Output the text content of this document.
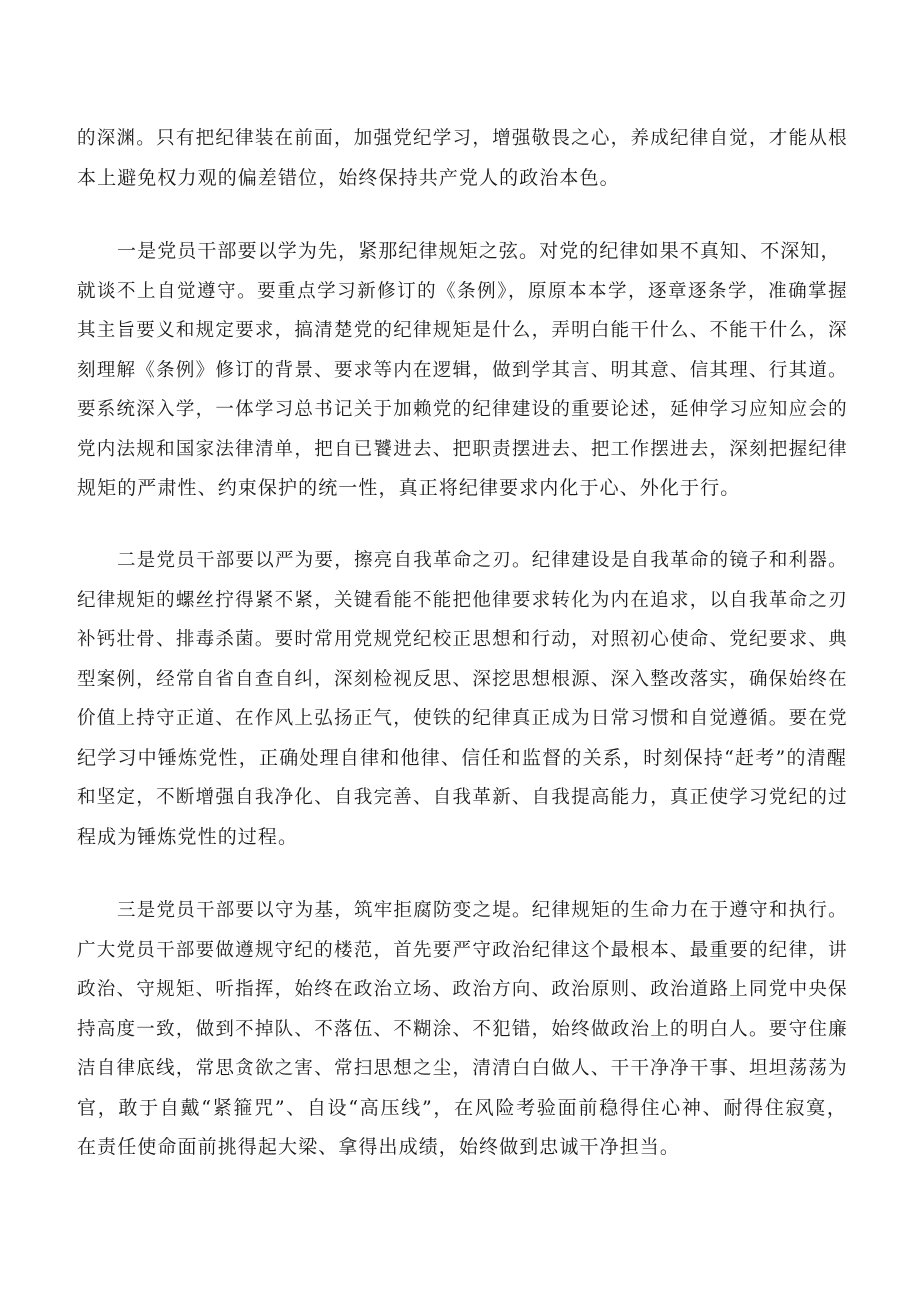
的深渊。只有把纪律装在前面，加强党纪学习，增强敬畏之心，养成纪律自觉，才能从根
本上避免权力观的偏差错位，始终保持共产党人的政治本色。
一是党员干部要以学为先，紧那纪律规矩之弦。对党的纪律如果不真知、不深知，
就谈不上自觉遵守。要重点学习新修订的《条例》，原原本本学，逐章逐条学，准确掌握
其主旨要义和规定要求，搞清楚党的纪律规矩是什么，弄明白能干什么、不能干什么，深
刻理解《条例》修订的背景、要求等内在逻辑，做到学其言、明其意、信其理、行其道。
要系统深入学，一体学习总书记关于加赖党的纪律建设的重要论述，延伸学习应知应会的
党内法规和国家法律清单，把自已饕进去、把职责摆进去、把工作摆进去，深刻把握纪律
规矩的严肃性、约束保护的统一性，真正将纪律要求内化于心、外化于行。
二是党员干部要以严为要，擦亮自我革命之刃。纪律建设是自我革命的镜子和利器。
纪律规矩的螺丝拧得紧不紧，关键看能不能把他律要求转化为内在追求，以自我革命之刃
补钙壮骨、排毒杀菌。要时常用党规党纪校正思想和行动，对照初心使命、党纪要求、典
型案例，经常自省自查自纠，深刻检视反思、深挖思想根源、深入整改落实，确保始终在
价值上持守正道、在作风上弘扬正气，使铁的纪律真正成为日常习惯和自觉遵循。要在党
纪学习中锤炼党性，正确处理自律和他律、信任和监督的关系，时刻保持“赶考”的清醒
和坚定，不断增强自我净化、自我完善、自我革新、自我提高能力，真正使学习党纪的过
程成为锤炼党性的过程。
三是党员干部要以守为基，筑牢拒腐防变之堤。纪律规矩的生命力在于遵守和执行。
广大党员干部要做遵规守纪的楼范，首先要严守政治纪律这个最根本、最重要的纪律，讲
政治、守规矩、听指挥，始终在政治立场、政治方向、政治原则、政治道路上同党中央保
持高度一致，做到不掉队、不落伍、不糊涂、不犯错，始终做政治上的明白人。要守住廉
洁自律底线，常思贪欲之害、常扫思想之尘，清清白白做人、干干净净干事、坦坦荡荡为
官，敢于自戴“紧箍咒”、自设“高压线”，在风险考验面前稳得住心神、耐得住寂寞，
在责任使命面前挑得起大梁、拿得出成绩，始终做到忠诚干净担当。
